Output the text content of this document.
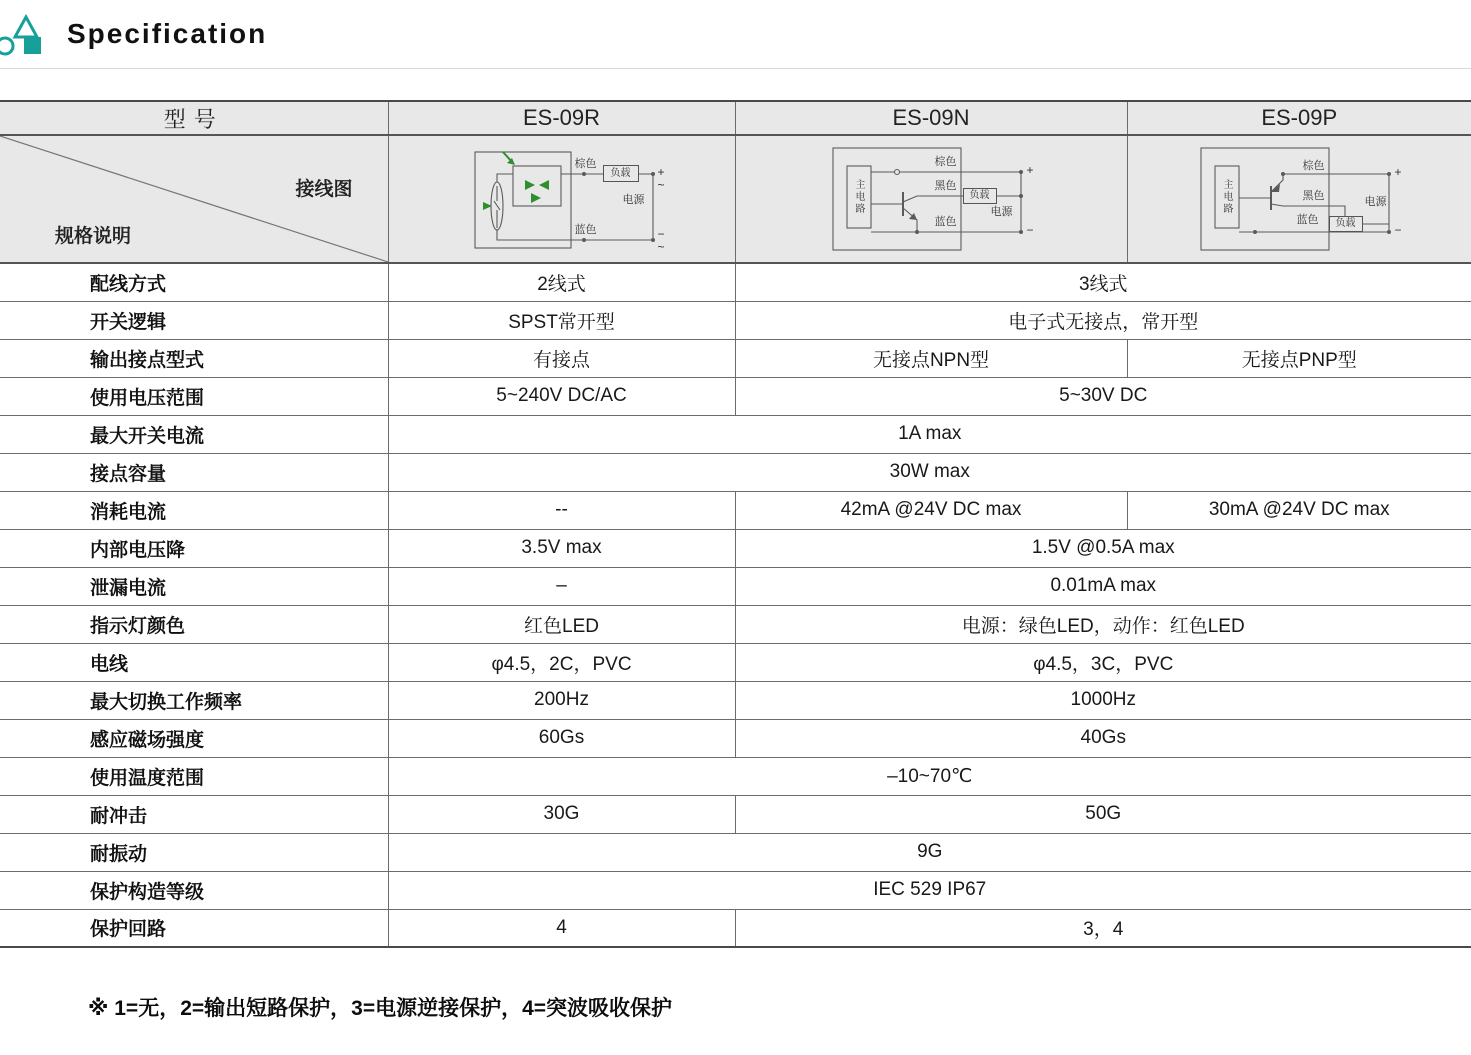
Specification
型号	ES-09R	ES-09N	ES-09P

接线图
规格说明

棕色
蓝色
负载
电源
+
~
−
~

主电路
棕色
黑色
蓝色
负载
电源
+
−

主电路
棕色
黑色
蓝色	负载
电源
+
−

配线方式	2线式	3线式	
开关逻辑	SPST常开型	电子式无接点，常开型	
输出接点型式	有接点	无接点NPN型	无接点PNP型
使用电压范围	5~240V DC/AC	5~30V DC	
最大开关电流	1A max		
接点容量	30W max		
消耗电流	--	42mA @24V DC max	30mA @24V DC max
内部电压降	3.5V max	1.5V @0.5A max	
泄漏电流	–	0.01mA max	
指示灯颜色	红色LED	电源：绿色LED，动作：红色LED	
电线	φ4.5，2C，PVC	φ4.5，3C，PVC	
最大切换工作频率	200Hz	1000Hz	
感应磁场强度	60Gs	40Gs	
使用温度范围	–10~70℃		
耐冲击	30G	50G	
耐振动	9G		
保护构造等级	IEC 529 IP67		
保护回路	4	3，4	
※ 1=无，2=输出短路保护，3=电源逆接保护，4=突波吸收保护
